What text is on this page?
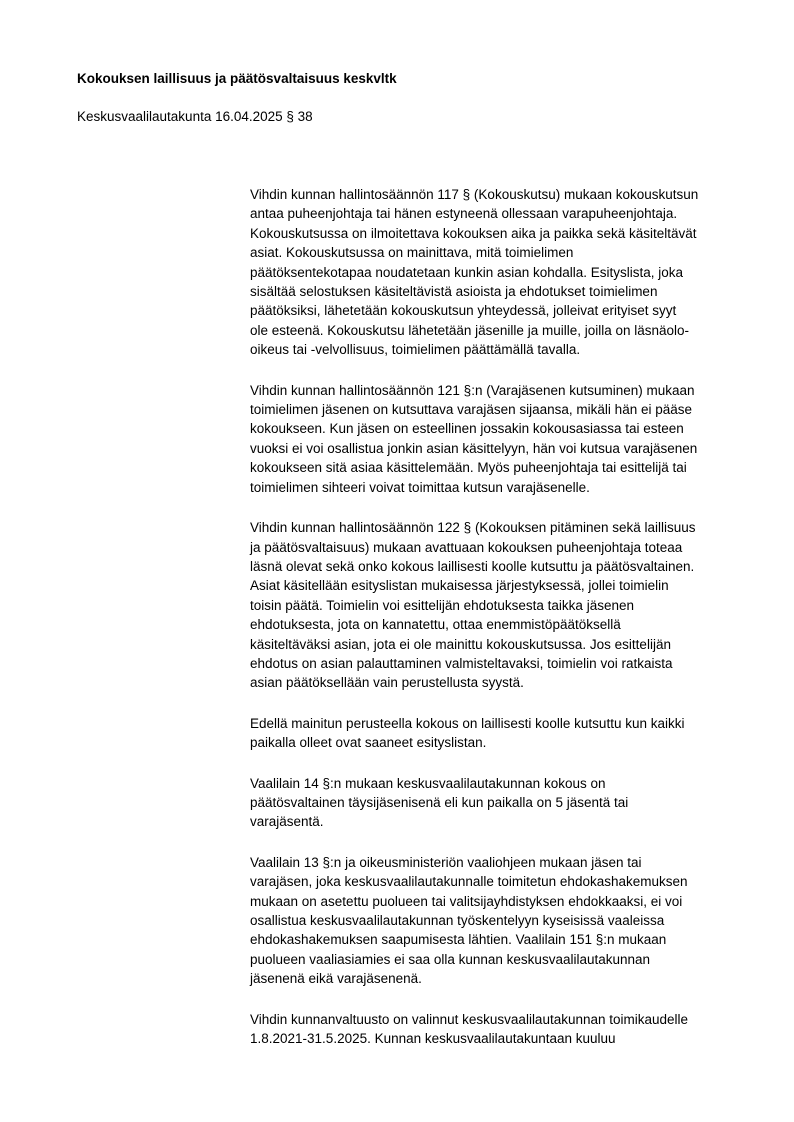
Kokouksen laillisuus ja päätösvaltaisuus keskvltk
Keskusvaalilautakunta 16.04.2025 § 38
Vihdin kunnan hallintosäännön 117 § (Kokouskutsu) mukaan kokouskutsun
antaa puheenjohtaja tai hänen estyneenä ollessaan varapuheenjohtaja.
Kokouskutsussa on ilmoitettava kokouksen aika ja paikka sekä käsiteltävät
asiat. Kokouskutsussa on mainittava, mitä toimielimen
päätöksentekotapaa noudatetaan kunkin asian kohdalla. Esityslista, joka
sisältää selostuksen käsiteltävistä asioista ja ehdotukset toimielimen
päätöksiksi, lähetetään kokouskutsun yhteydessä, jolleivat erityiset syyt
ole esteenä. Kokouskutsu lähetetään jäsenille ja muille, joilla on läsnäolo-
oikeus tai -velvollisuus, toimielimen päättämällä tavalla.
Vihdin kunnan hallintosäännön 121 §:n (Varajäsenen kutsuminen) mukaan
toimielimen jäsenen on kutsuttava varajäsen sijaansa, mikäli hän ei pääse
kokoukseen. Kun jäsen on esteellinen jossakin kokousasiassa tai esteen
vuoksi ei voi osallistua jonkin asian käsittelyyn, hän voi kutsua varajäsenen
kokoukseen sitä asiaa käsittelemään. Myös puheenjohtaja tai esittelijä tai
toimielimen sihteeri voivat toimittaa kutsun varajäsenelle.
Vihdin kunnan hallintosäännön 122 § (Kokouksen pitäminen sekä laillisuus
ja päätösvaltaisuus) mukaan avattuaan kokouksen puheenjohtaja toteaa
läsnä olevat sekä onko kokous laillisesti koolle kutsuttu ja päätösvaltainen.
Asiat käsitellään esityslistan mukaisessa järjestyksessä, jollei toimielin
toisin päätä. Toimielin voi esittelijän ehdotuksesta taikka jäsenen
ehdotuksesta, jota on kannatettu, ottaa enemmistöpäätöksellä
käsiteltäväksi asian, jota ei ole mainittu kokouskutsussa. Jos esittelijän
ehdotus on asian palauttaminen valmisteltavaksi, toimielin voi ratkaista
asian päätöksellään vain perustellusta syystä.
Edellä mainitun perusteella kokous on laillisesti koolle kutsuttu kun kaikki
paikalla olleet ovat saaneet esityslistan.
Vaalilain 14 §:n mukaan keskusvaalilautakunnan kokous on
päätösvaltainen täysijäsenisenä eli kun paikalla on 5 jäsentä tai
varajäsentä.
Vaalilain 13 §:n ja oikeusministeriön vaaliohjeen mukaan jäsen tai
varajäsen, joka keskusvaalilautakunnalle toimitetun ehdokashakemuksen
mukaan on asetettu puolueen tai valitsijayhdistyksen ehdokkaaksi, ei voi
osallistua keskusvaalilautakunnan työskentelyyn kyseisissä vaaleissa
ehdokashakemuksen saapumisesta lähtien. Vaalilain 151 §:n mukaan
puolueen vaaliasiamies ei saa olla kunnan keskusvaalilautakunnan
jäsenenä eikä varajäsenenä.
Vihdin kunnanvaltuusto on valinnut keskusvaalilautakunnan toimikaudelle
1.8.2021-31.5.2025. Kunnan keskusvaalilautakuntaan kuuluu
